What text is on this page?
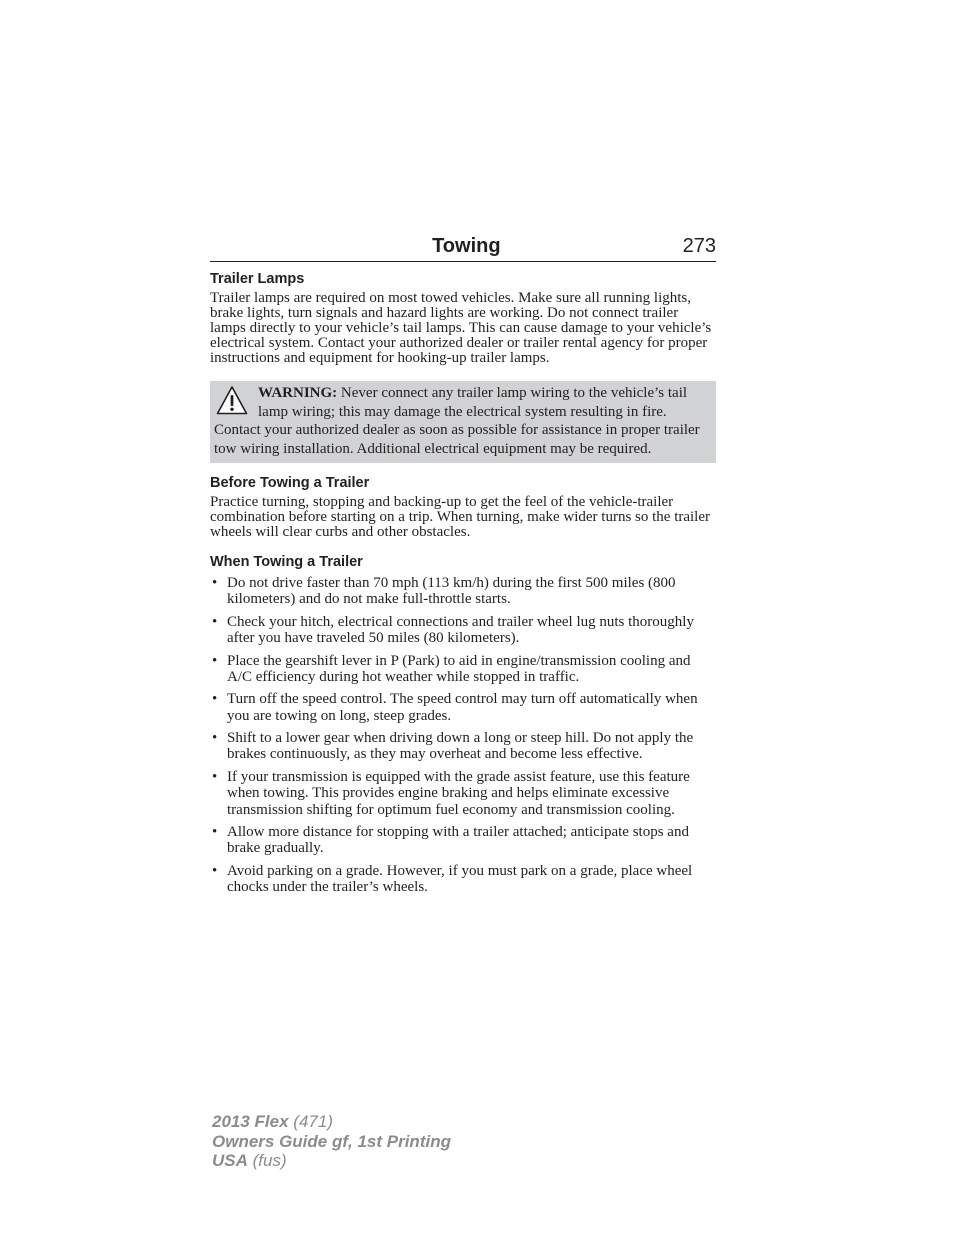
Towing	273
Trailer Lamps

Trailer lamps are required on most towed vehicles. Make sure all running lights, brake lights, turn signals and hazard lights are working. Do not connect trailer lamps directly to your vehicle’s tail lamps. This can cause damage to your vehicle’s electrical system. Contact your authorized dealer or trailer rental agency for proper instructions and equipment for hooking-up trailer lamps.

WARNING: Never connect any trailer lamp wiring to the vehicle’s tail lamp wiring; this may damage the electrical system resulting in fire. Contact your authorized dealer as soon as possible for assistance in proper trailer tow wiring installation. Additional electrical equipment may be required.

Before Towing a Trailer

Practice turning, stopping and backing-up to get the feel of the vehicle-trailer combination before starting on a trip. When turning, make wider turns so the trailer wheels will clear curbs and other obstacles.

When Towing a Trailer
• Do not drive faster than 70 mph (113 km/h) during the first 500 miles (800 kilometers) and do not make full-throttle starts.
• Check your hitch, electrical connections and trailer wheel lug nuts thoroughly after you have traveled 50 miles (80 kilometers).
• Place the gearshift lever in P (Park) to aid in engine/transmission cooling and A/C efficiency during hot weather while stopped in traffic.
• Turn off the speed control. The speed control may turn off automatically when you are towing on long, steep grades.
• Shift to a lower gear when driving down a long or steep hill. Do not apply the brakes continuously, as they may overheat and become less effective.
• If your transmission is equipped with the grade assist feature, use this feature when towing. This provides engine braking and helps eliminate excessive transmission shifting for optimum fuel economy and transmission cooling.
• Allow more distance for stopping with a trailer attached; anticipate stops and brake gradually.
• Avoid parking on a grade. However, if you must park on a grade, place wheel chocks under the trailer’s wheels.
2013 Flex (471)
Owners Guide gf, 1st Printing
USA (fus)
